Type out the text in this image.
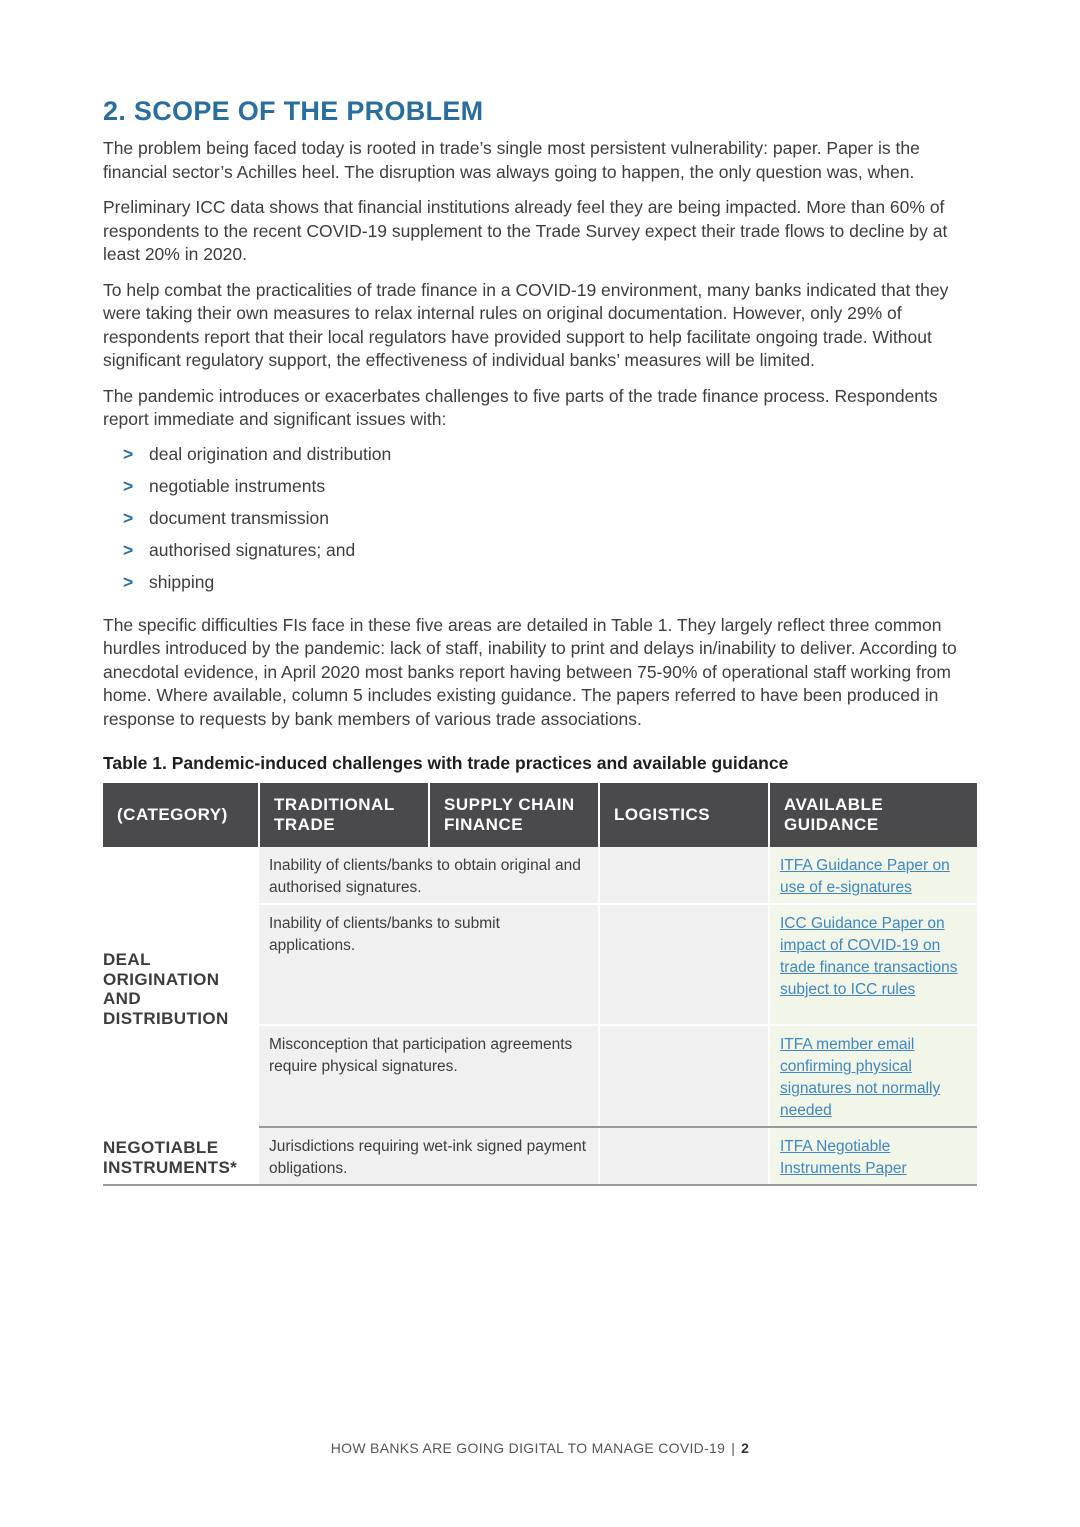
2. SCOPE OF THE PROBLEM

The problem being faced today is rooted in trade’s single most persistent vulnerability: paper. Paper is the financial sector’s Achilles heel. The disruption was always going to happen, the only question was, when.

Preliminary ICC data shows that financial institutions already feel they are being impacted. More than 60% of respondents to the recent COVID-19 supplement to the Trade Survey expect their trade flows to decline by at least 20% in 2020.

To help combat the practicalities of trade finance in a COVID-19 environment, many banks indicated that they were taking their own measures to relax internal rules on original documentation. However, only 29% of respondents report that their local regulators have provided support to help facilitate ongoing trade. Without significant regulatory support, the effectiveness of individual banks’ measures will be limited.

The pandemic introduces or exacerbates challenges to five parts of the trade finance process. Respondents report immediate and significant issues with:

> deal origination and distribution
> negotiable instruments
> document transmission
> authorised signatures; and
> shipping

The specific difficulties FIs face in these five areas are detailed in Table 1. They largely reflect three common hurdles introduced by the pandemic: lack of staff, inability to print and delays in/inability to deliver. According to anecdotal evidence, in April 2020 most banks report having between 75-90% of operational staff working from home. Where available, column 5 includes existing guidance. The papers referred to have been produced in response to requests by bank members of various trade associations.

Table 1. Pandemic-induced challenges with trade practices and available guidance
(CATEGORY)	TRADITIONAL TRADE	SUPPLY CHAIN FINANCE	LOGISTICS	AVAILABLE GUIDANCE
DEAL ORIGINATION AND DISTRIBUTION	Inability of clients/banks to obtain original and authorised signatures.			ITFA Guidance Paper on use of e-signatures
	Inability of clients/banks to submit applications.			ICC Guidance Paper on impact of COVID-19 on trade finance transactions subject to ICC rules
	Misconception that participation agreements require physical signatures.			ITFA member email confirming physical signatures not normally needed
NEGOTIABLE INSTRUMENTS*	Jurisdictions requiring wet-ink signed payment obligations.			ITFA Negotiable Instruments Paper
HOW BANKS ARE GOING DIGITAL TO MANAGE COVID-19 | 2
